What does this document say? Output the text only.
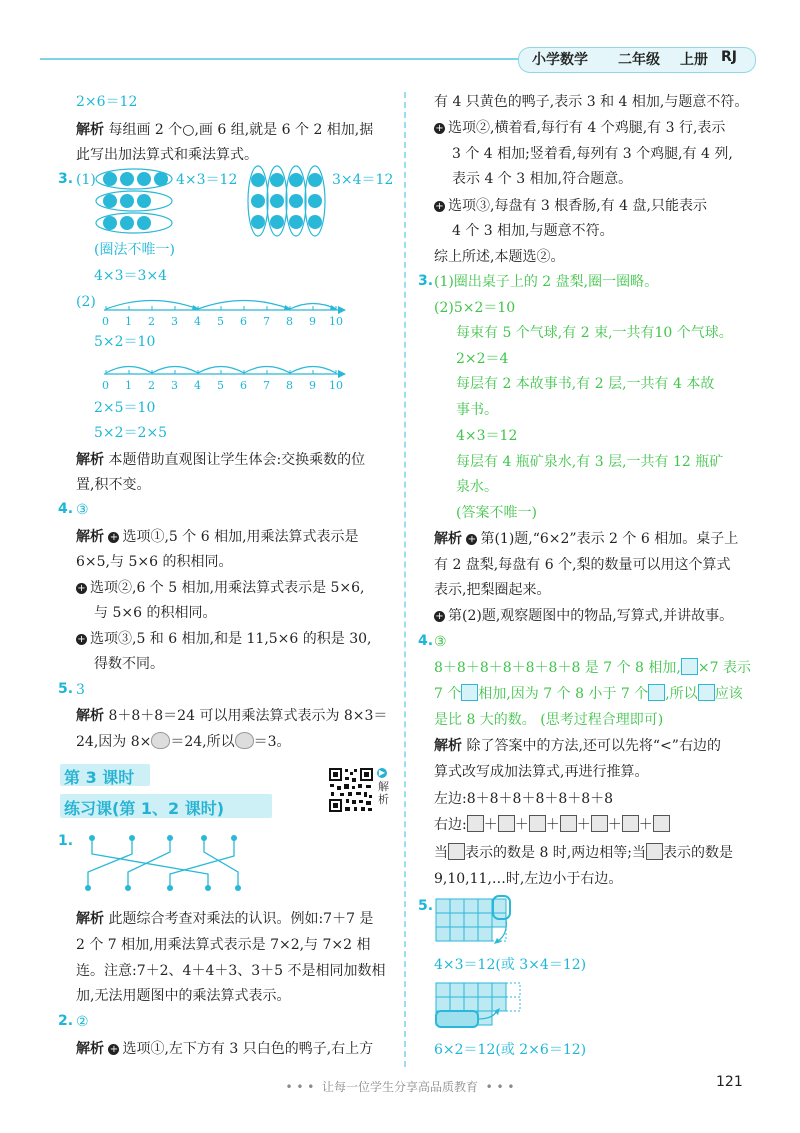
小学数学 二年级 上册 RJ
2×6＝12
解析 每组画 2 个○,画 6 组,就是 6 个 2 相加,据
此写出加法算式和乘法算式。
3. (1)	4×3＝12	3×4＝12
(圈法不唯一)
4×3＝3×4
(2)
0 1 2 3 4 5 6 7 8 9 10
5×2＝10
0 1 2 3 4 5 6 7 8 9 10
2×5＝10
5×2＝2×5
解析 本题借助直观图让学生体会:交换乘数的位
置,积不变。
4. ③
解析 + 选项①,5 个 6 相加,用乘法算式表示是
6×5,与 5×6 的积相同。
+ 选项②,6 个 5 相加,用乘法算式表示是 5×6,
与 5×6 的积相同。
+ 选项③,5 和 6 相加,和是 11,5×6 的积是 30,
得数不同。
5. 3
解析 8＋8＋8＝24 可以用乘法算式表示为 8×3＝
24,因为 8× ＝24,所以 ＝3。
第 3 课时
练习课(第 1、2 课时)
▶
解析
1.
解析 此题综合考查对乘法的认识。例如:7＋7 是
2 个 7 相加,用乘法算式表示是 7×2,与 7×2 相
连。注意:7＋2、4＋4＋3、3＋5 不是相同加数相
加,无法用题图中的乘法算式表示。
2. ②
解析 + 选项①,左下方有 3 只白色的鸭子,右上方
有 4 只黄色的鸭子,表示 3 和 4 相加,与题意不符。
+ 选项②,横着看,每行有 4 个鸡腿,有 3 行,表示
3 个 4 相加;竖着看,每列有 3 个鸡腿,有 4 列,
表示 4 个 3 相加,符合题意。
+ 选项③,每盘有 3 根香肠,有 4 盘,只能表示
4 个 3 相加,与题意不符。
综上所述,本题选②。
3. (1)圈出桌子上的 2 盘梨,圈一圈略。
(2)5×2＝10
每束有 5 个气球,有 2 束,一共有10 个气球。
2×2＝4
每层有 2 本故事书,有 2 层,一共有 4 本故
事书。
4×3＝12
每层有 4 瓶矿泉水,有 3 层,一共有 12 瓶矿
泉水。
(答案不唯一)
解析 + 第(1)题,“6×2”表示 2 个 6 相加。桌子上
有 2 盘梨,每盘有 6 个,梨的数量可以用这个算式
表示,把梨圈起来。
+ 第(2)题,观察题图中的物品,写算式,并讲故事。
4. ③
8＋8＋8＋8＋8＋8＋8 是 7 个 8 相加, ×7 表示
7 个 相加,因为 7 个 8 小于 7 个 ,所以 应该
是比 8 大的数。 (思考过程合理即可)
解析 除了答案中的方法,还可以先将“<”右边的
算式改写成加法算式,再进行推算。
左边:8＋8＋8＋8＋8＋8＋8
右边: ＋ ＋ ＋ ＋ ＋ ＋
当 表示的数是 8 时,两边相等;当 表示的数是
9,10,11,…时,左边小于右边。
5.
4×3＝12(或 3×4＝12)
6×2＝12(或 2×6＝12)
• • • 让每一位学生分享高品质教育 • • •	121
